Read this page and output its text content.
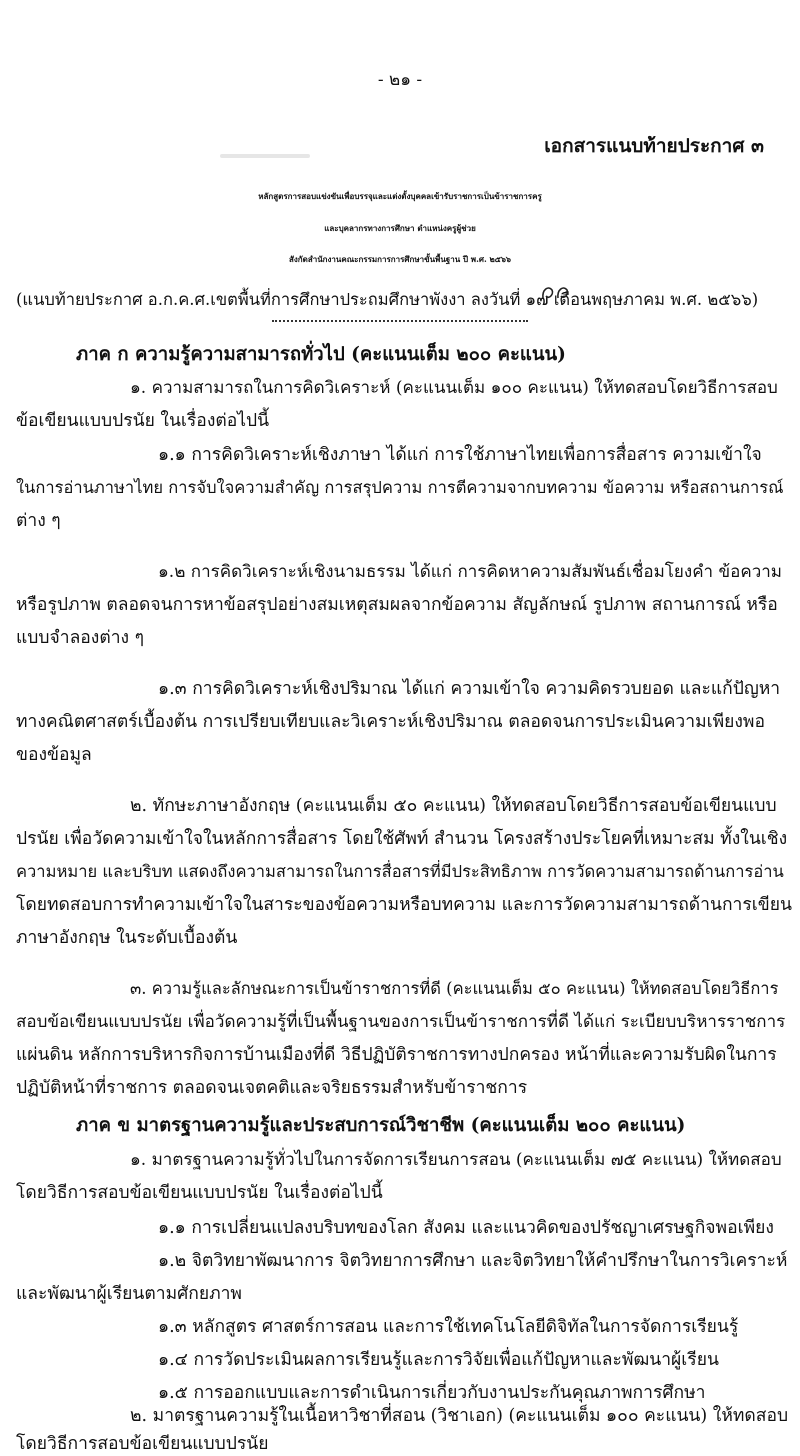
- ๒๑ -
เอกสารแนบท้ายประกาศ ๓
หลักสูตรการสอบแข่งขันเพื่อบรรจุและแต่งตั้งบุคคลเข้ารับราชการเป็นข้าราชการครู
และบุคลากรทางการศึกษา ตำแหน่งครูผู้ช่วย
สังกัดสำนักงานคณะกรรมการการศึกษาขั้นพื้นฐาน ปี พ.ศ. ๒๕๖๖
(แนบท้ายประกาศ อ.ก.ค.ศ.เขตพื้นที่การศึกษาประถมศึกษาพังงา ลงวันที่ ๑๗ เดือนพฤษภาคม พ.ศ. ๒๕๖๖)
ภาค ก ความรู้ความสามารถทั่วไป (คะแนนเต็ม ๒๐๐ คะแนน)
๑. ความสามารถในการคิดวิเคราะห์ (คะแนนเต็ม ๑๐๐ คะแนน) ให้ทดสอบโดยวิธีการสอบ
ข้อเขียนแบบปรนัย ในเรื่องต่อไปนี้
๑.๑ การคิดวิเคราะห์เชิงภาษา ได้แก่ การใช้ภาษาไทยเพื่อการสื่อสาร ความเข้าใจ
ในการอ่านภาษาไทย การจับใจความสำคัญ การสรุปความ การตีความจากบทความ ข้อความ หรือสถานการณ์
ต่าง ๆ
๑.๒ การคิดวิเคราะห์เชิงนามธรรม ได้แก่ การคิดหาความสัมพันธ์เชื่อมโยงคำ ข้อความ
หรือรูปภาพ ตลอดจนการหาข้อสรุปอย่างสมเหตุสมผลจากข้อความ สัญลักษณ์ รูปภาพ สถานการณ์ หรือ
แบบจำลองต่าง ๆ
๑.๓ การคิดวิเคราะห์เชิงปริมาณ ได้แก่ ความเข้าใจ ความคิดรวบยอด และแก้ปัญหา
ทางคณิตศาสตร์เบื้องต้น การเปรียบเทียบและวิเคราะห์เชิงปริมาณ ตลอดจนการประเมินความเพียงพอ
ของข้อมูล
๒. ทักษะภาษาอังกฤษ (คะแนนเต็ม ๕๐ คะแนน) ให้ทดสอบโดยวิธีการสอบข้อเขียนแบบ
ปรนัย เพื่อวัดความเข้าใจในหลักการสื่อสาร โดยใช้ศัพท์ สำนวน โครงสร้างประโยคที่เหมาะสม ทั้งในเชิง
ความหมาย และบริบท แสดงถึงความสามารถในการสื่อสารที่มีประสิทธิภาพ การวัดความสามารถด้านการอ่าน
โดยทดสอบการทำความเข้าใจในสาระของข้อความหรือบทความ และการวัดความสามารถด้านการเขียน
ภาษาอังกฤษ ในระดับเบื้องต้น
๓. ความรู้และลักษณะการเป็นข้าราชการที่ดี (คะแนนเต็ม ๕๐ คะแนน) ให้ทดสอบโดยวิธีการ
สอบข้อเขียนแบบปรนัย เพื่อวัดความรู้ที่เป็นพื้นฐานของการเป็นข้าราชการที่ดี ได้แก่ ระเบียบบริหารราชการ
แผ่นดิน หลักการบริหารกิจการบ้านเมืองที่ดี วิธีปฏิบัติราชการทางปกครอง หน้าที่และความรับผิดในการ
ปฏิบัติหน้าที่ราชการ ตลอดจนเจตคติและจริยธรรมสำหรับข้าราชการ
ภาค ข มาตรฐานความรู้และประสบการณ์วิชาชีพ (คะแนนเต็ม ๒๐๐ คะแนน)
๑. มาตรฐานความรู้ทั่วไปในการจัดการเรียนการสอน (คะแนนเต็ม ๗๕ คะแนน) ให้ทดสอบ
โดยวิธีการสอบข้อเขียนแบบปรนัย ในเรื่องต่อไปนี้
๑.๑ การเปลี่ยนแปลงบริบทของโลก สังคม และแนวคิดของปรัชญาเศรษฐกิจพอเพียง
๑.๒ จิตวิทยาพัฒนาการ จิตวิทยาการศึกษา และจิตวิทยาให้คำปรึกษาในการวิเคราะห์
และพัฒนาผู้เรียนตามศักยภาพ
๑.๓ หลักสูตร ศาสตร์การสอน และการใช้เทคโนโลยีดิจิทัลในการจัดการเรียนรู้
๑.๔ การวัดประเมินผลการเรียนรู้และการวิจัยเพื่อแก้ปัญหาและพัฒนาผู้เรียน
๑.๕ การออกแบบและการดำเนินการเกี่ยวกับงานประกันคุณภาพการศึกษา
๒. มาตรฐานความรู้ในเนื้อหาวิชาที่สอน (วิชาเอก) (คะแนนเต็ม ๑๐๐ คะแนน) ให้ทดสอบ
โดยวิธีการสอบข้อเขียนแบบปรนัย
